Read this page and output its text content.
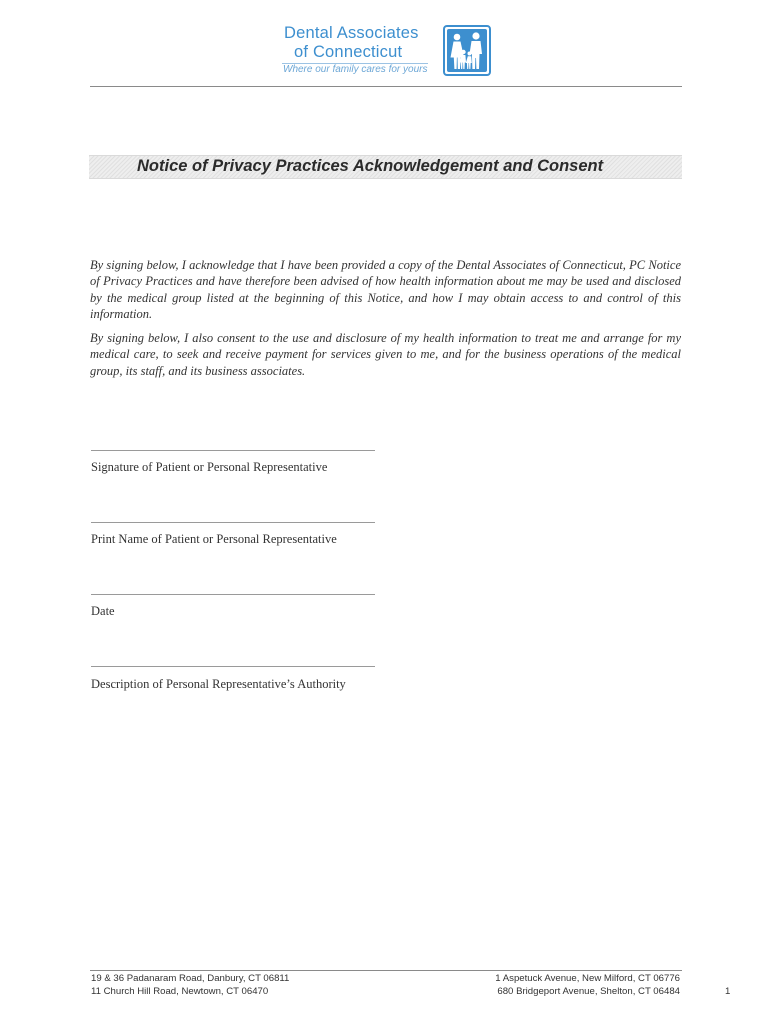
Dental Associates
of Connecticut
Where our family cares for yours
Notice of Privacy Practices Acknowledgement and Consent

By signing below, I acknowledge that I have been provided a copy of the Dental Associates of Connecticut, PC Notice of Privacy Practices and have therefore been advised of how health information about me may be used and disclosed by the medical group listed at the beginning of this Notice, and how I may obtain access to and control of this information.

By signing below, I also consent to the use and disclosure of my health information to treat me and arrange for my medical care, to seek and receive payment for services given to me, and for the business operations of the medical group, its staff, and its business associates.

Signature of Patient or Personal Representative
Print Name of Patient or Personal Representative
Date
Description of Personal Representative’s Authority
19 & 36 Padanaram Road, Danbury, CT 06811
11 Church Hill Road, Newtown, CT 06470
1 Aspetuck Avenue, New Milford, CT 06776
680 Bridgeport Avenue, Shelton, CT 06484	1
